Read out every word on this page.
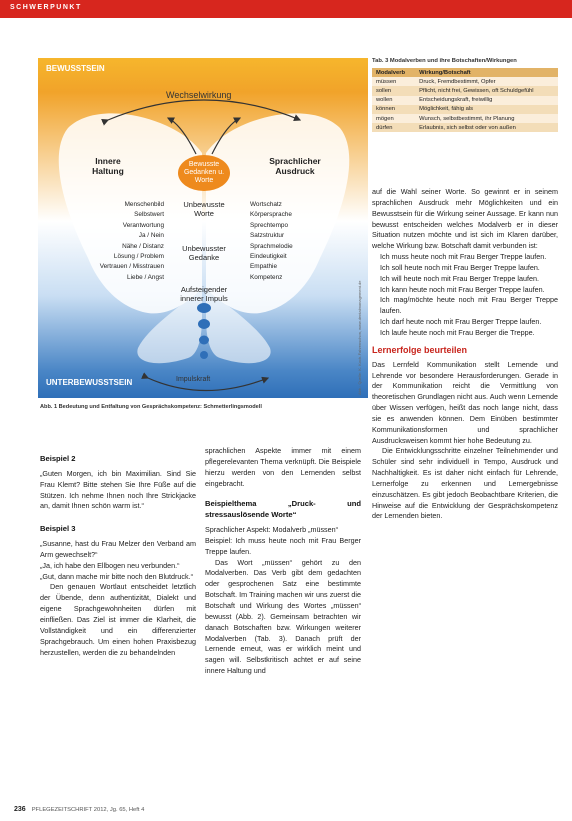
SCHWERPUNKT
BEWUSSTSEIN
UNTERBEWUSSTSEIN
Wechselwirkung
Impulskraft
Innere
Haltung
Sprachlicher
Ausdruck
Bewusste
Gedanken u.
Worte
Unbewusste
Worte
Unbewusster
Gedanke
Aufsteigender
innerer Impuls
Menschenbild
Selbstwert
Verantwortung
Ja / Nein
Nähe / Distanz
Lösung / Problem
Vertrauen / Misstrauen
Liebe / Angst
Wortschatz
Körpersprache
Sprechtempo
Satzstruktur
Sprachmelodie
Eindeutigkeit
Empathie
Kompetenz
Abb.: Quelle: K. Koch-Fahrenschon, www.dentalmanagement.de
Abb. 1 Bedeutung und Entfaltung von Gesprächskompetenz: Schmetterlingsmodell
Tab. 3 Modalverben und ihre Botschaften/Wirkungen
Modalverb	Wirkung/Botschaft
müssen	Druck, Fremdbestimmt, Opfer
sollen	Pflicht, nicht frei, Gewissen, oft Schuldgefühl
wollen	Entscheidungskraft, freiwillig
können	Möglichkeit, fähig als
mögen	Wunsch, selbstbestimmt, ihr Planung
dürfen	Erlaubnis, sich selbst oder von außen
Beispiel 2

„Guten Morgen, ich bin Maximilian. Sind Sie Frau Klemt? Bitte stehen Sie Ihre Füße auf die Stützen. Ich nehme Ihnen noch Ihre Strickjacke an, damit Ihnen schön warm ist.“

Beispiel 3

„Susanne, hast du Frau Melzer den Verband am Arm gewechselt?“

„Ja, ich habe den Ellbogen neu verbunden.“

„Gut, dann mache mir bitte noch den Blutdruck.“

Den genauen Wortlaut entscheidet letztlich der Übende, denn authentizität, Dialekt und eigene Sprachgewohnheiten dürfen mit einfließen. Das Ziel ist immer die Klarheit, die Vollständigkeit und ein differenzierter Sprachgebrauch. Um einen hohen Praxisbezug herzustellen, werden die zu behandelnden

sprachlichen Aspekte immer mit einem pflegerelevanten Thema verknüpft. Die Beispiele hierzu werden von den Lernenden selbst eingebracht.

Beispielthema „Druck- und stressauslösende Worte“

Sprachlicher Aspekt: Modalverb „müssen“

Beispiel: Ich muss heute noch mit Frau Berger Treppe laufen.

Das Wort „müssen“ gehört zu den Modalverben. Das Verb gibt dem gedachten oder gesprochenen Satz eine bestimmte Botschaft. Im Training machen wir uns zuerst die Botschaft und Wirkung des Wortes „müssen“ bewusst (Abb. 2). Gemeinsam betrachten wir danach Botschaften bzw. Wirkungen weiterer Modalverben (Tab. 3). Danach prüft der Lernende erneut, was er wirklich meint und sagen will. Selbstkritisch achtet er auf seine innere Haltung und

auf die Wahl seiner Worte. So gewinnt er in seinem sprachlichen Ausdruck mehr Möglichkeiten und ein Bewusstsein für die Wirkung seiner Aussage. Er kann nun bewusst entscheiden welches Modalverb er in dieser Situation nutzen möchte und ist sich im Klaren darüber, welche Wirkung bzw. Botschaft damit verbunden ist:

Ich muss heute noch mit Frau Berger Treppe laufen.

Ich soll heute noch mit Frau Berger Treppe laufen.

Ich will heute noch mit Frau Berger Treppe laufen.

Ich kann heute noch mit Frau Berger Treppe laufen.

Ich mag/möchte heute noch mit Frau Berger Treppe laufen.

Ich darf heute noch mit Frau Berger Treppe laufen.

Ich laufe heute noch mit Frau Berger die Treppe.

Lernerfolge beurteilen

Das Lernfeld Kommunikation stellt Lernende und Lehrende vor besondere Herausforderungen. Gerade in der Kommunikation reicht die Vermittlung von theoretischen Grundlagen nicht aus. Auch wenn Lernende über Wissen verfügen, heißt das noch lange nicht, dass sie es anwenden können. Dem Einüben bestimmter Kommunikationsformen und sprachlicher Ausdrucksweisen kommt hier hohe Bedeutung zu.

Die Entwicklungsschritte einzelner Teilnehmender und Schüler sind sehr individuell in Tempo, Ausdruck und Nachhaltigkeit. Es ist daher nicht einfach für Lehrende, Lernerfolge zu erkennen und Lernergebnisse einzuschätzen. Es gibt jedoch Beobachtbare Kriterien, die Hinweise auf die Entwicklung der Gesprächskompetenz der Lernenden bieten.

236 PFLEGEZEITSCHRIFT 2012, Jg. 65, Heft 4
